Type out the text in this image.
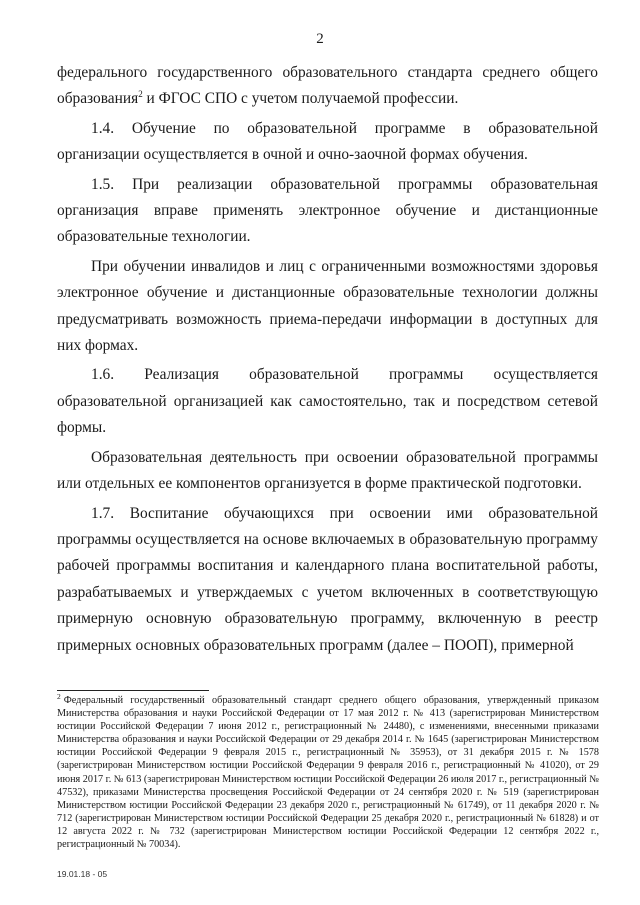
2

федерального государственного образовательного стандарта среднего общего образования$^2$ и ФГОС СПО с учетом получаемой профессии.

1.4. Обучение по образовательной программе в образовательной организации осуществляется в очной и очно-заочной формах обучения.

1.5. При реализации образовательной программы образовательная организация вправе применять электронное обучение и дистанционные образовательные технологии.

При обучении инвалидов и лиц с ограниченными возможностями здоровья электронное обучение и дистанционные образовательные технологии должны предусматривать возможность приема-передачи информации в доступных для них формах.

1.6. Реализация образовательной программы осуществляется образовательной организацией как самостоятельно, так и посредством сетевой формы.

Образовательная деятельность при освоении образовательной программы или отдельных ее компонентов организуется в форме практической подготовки.

1.7. Воспитание обучающихся при освоении ими образовательной программы осуществляется на основе включаемых в образовательную программу рабочей программы воспитания и календарного плана воспитательной работы, разрабатываемых и утверждаемых с учетом включенных в соответствующую примерную основную образовательную программу, включенную в реестр примерных основных образовательных программ (далее – ПООП), примерной

$^2$ Федеральный государственный образовательный стандарт среднего общего образования, утвержденный приказом Министерства образования и науки Российской Федерации от 17 мая 2012 г. № 413 (зарегистрирован Министерством юстиции Российской Федерации 7 июня 2012 г., регистрационный № 24480), с изменениями, внесенными приказами Министерства образования и науки Российской Федерации от 29 декабря 2014 г. № 1645 (зарегистрирован Министерством юстиции Российской Федерации 9 февраля 2015 г., регистрационный № 35953), от 31 декабря 2015 г. № 1578 (зарегистрирован Министерством юстиции Российской Федерации 9 февраля 2016 г., регистрационный № 41020), от 29 июня 2017 г. № 613 (зарегистрирован Министерством юстиции Российской Федерации 26 июля 2017 г., регистрационный № 47532), приказами Министерства просвещения Российской Федерации от 24 сентября 2020 г. № 519 (зарегистрирован Министерством юстиции Российской Федерации 23 декабря 2020 г., регистрационный № 61749), от 11 декабря 2020 г. № 712 (зарегистрирован Министерством юстиции Российской Федерации 25 декабря 2020 г., регистрационный № 61828) и от 12 августа 2022 г. № 732 (зарегистрирован Министерством юстиции Российской Федерации 12 сентября 2022 г., регистрационный № 70034).
19.01.18 - 05
